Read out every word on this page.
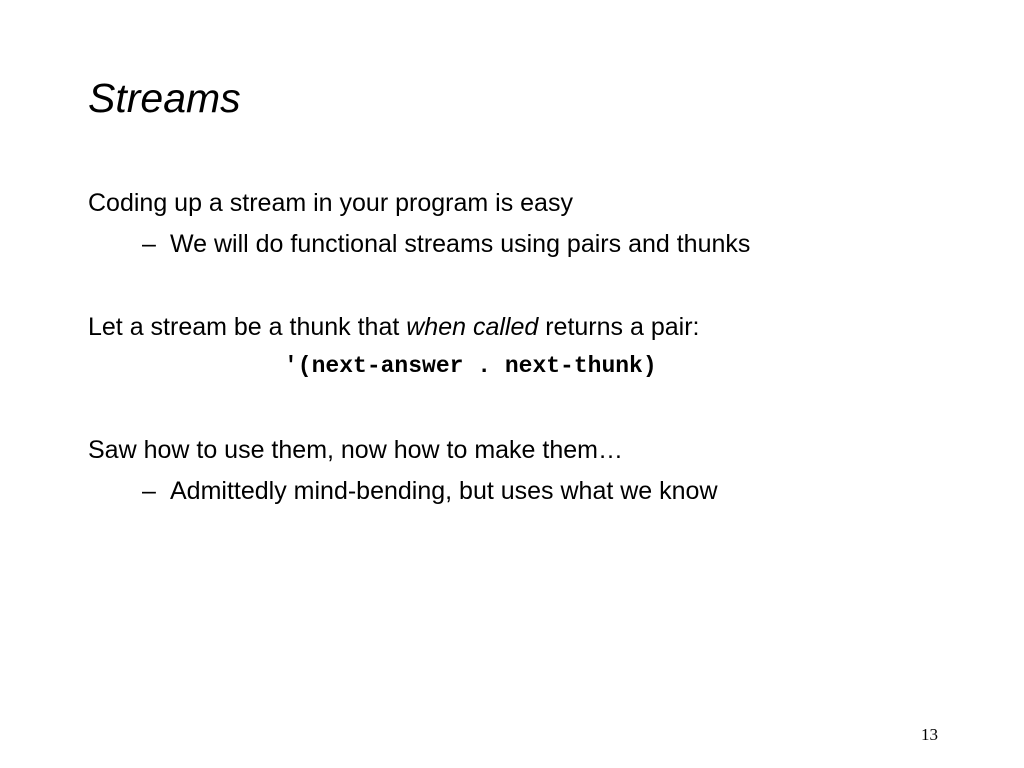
Streams
Coding up a stream in your program is easy
– We will do functional streams using pairs and thunks
Let a stream be a thunk that when called returns a pair:
'(next-answer . next-thunk)
Saw how to use them, now how to make them…
– Admittedly mind-bending, but uses what we know
13
